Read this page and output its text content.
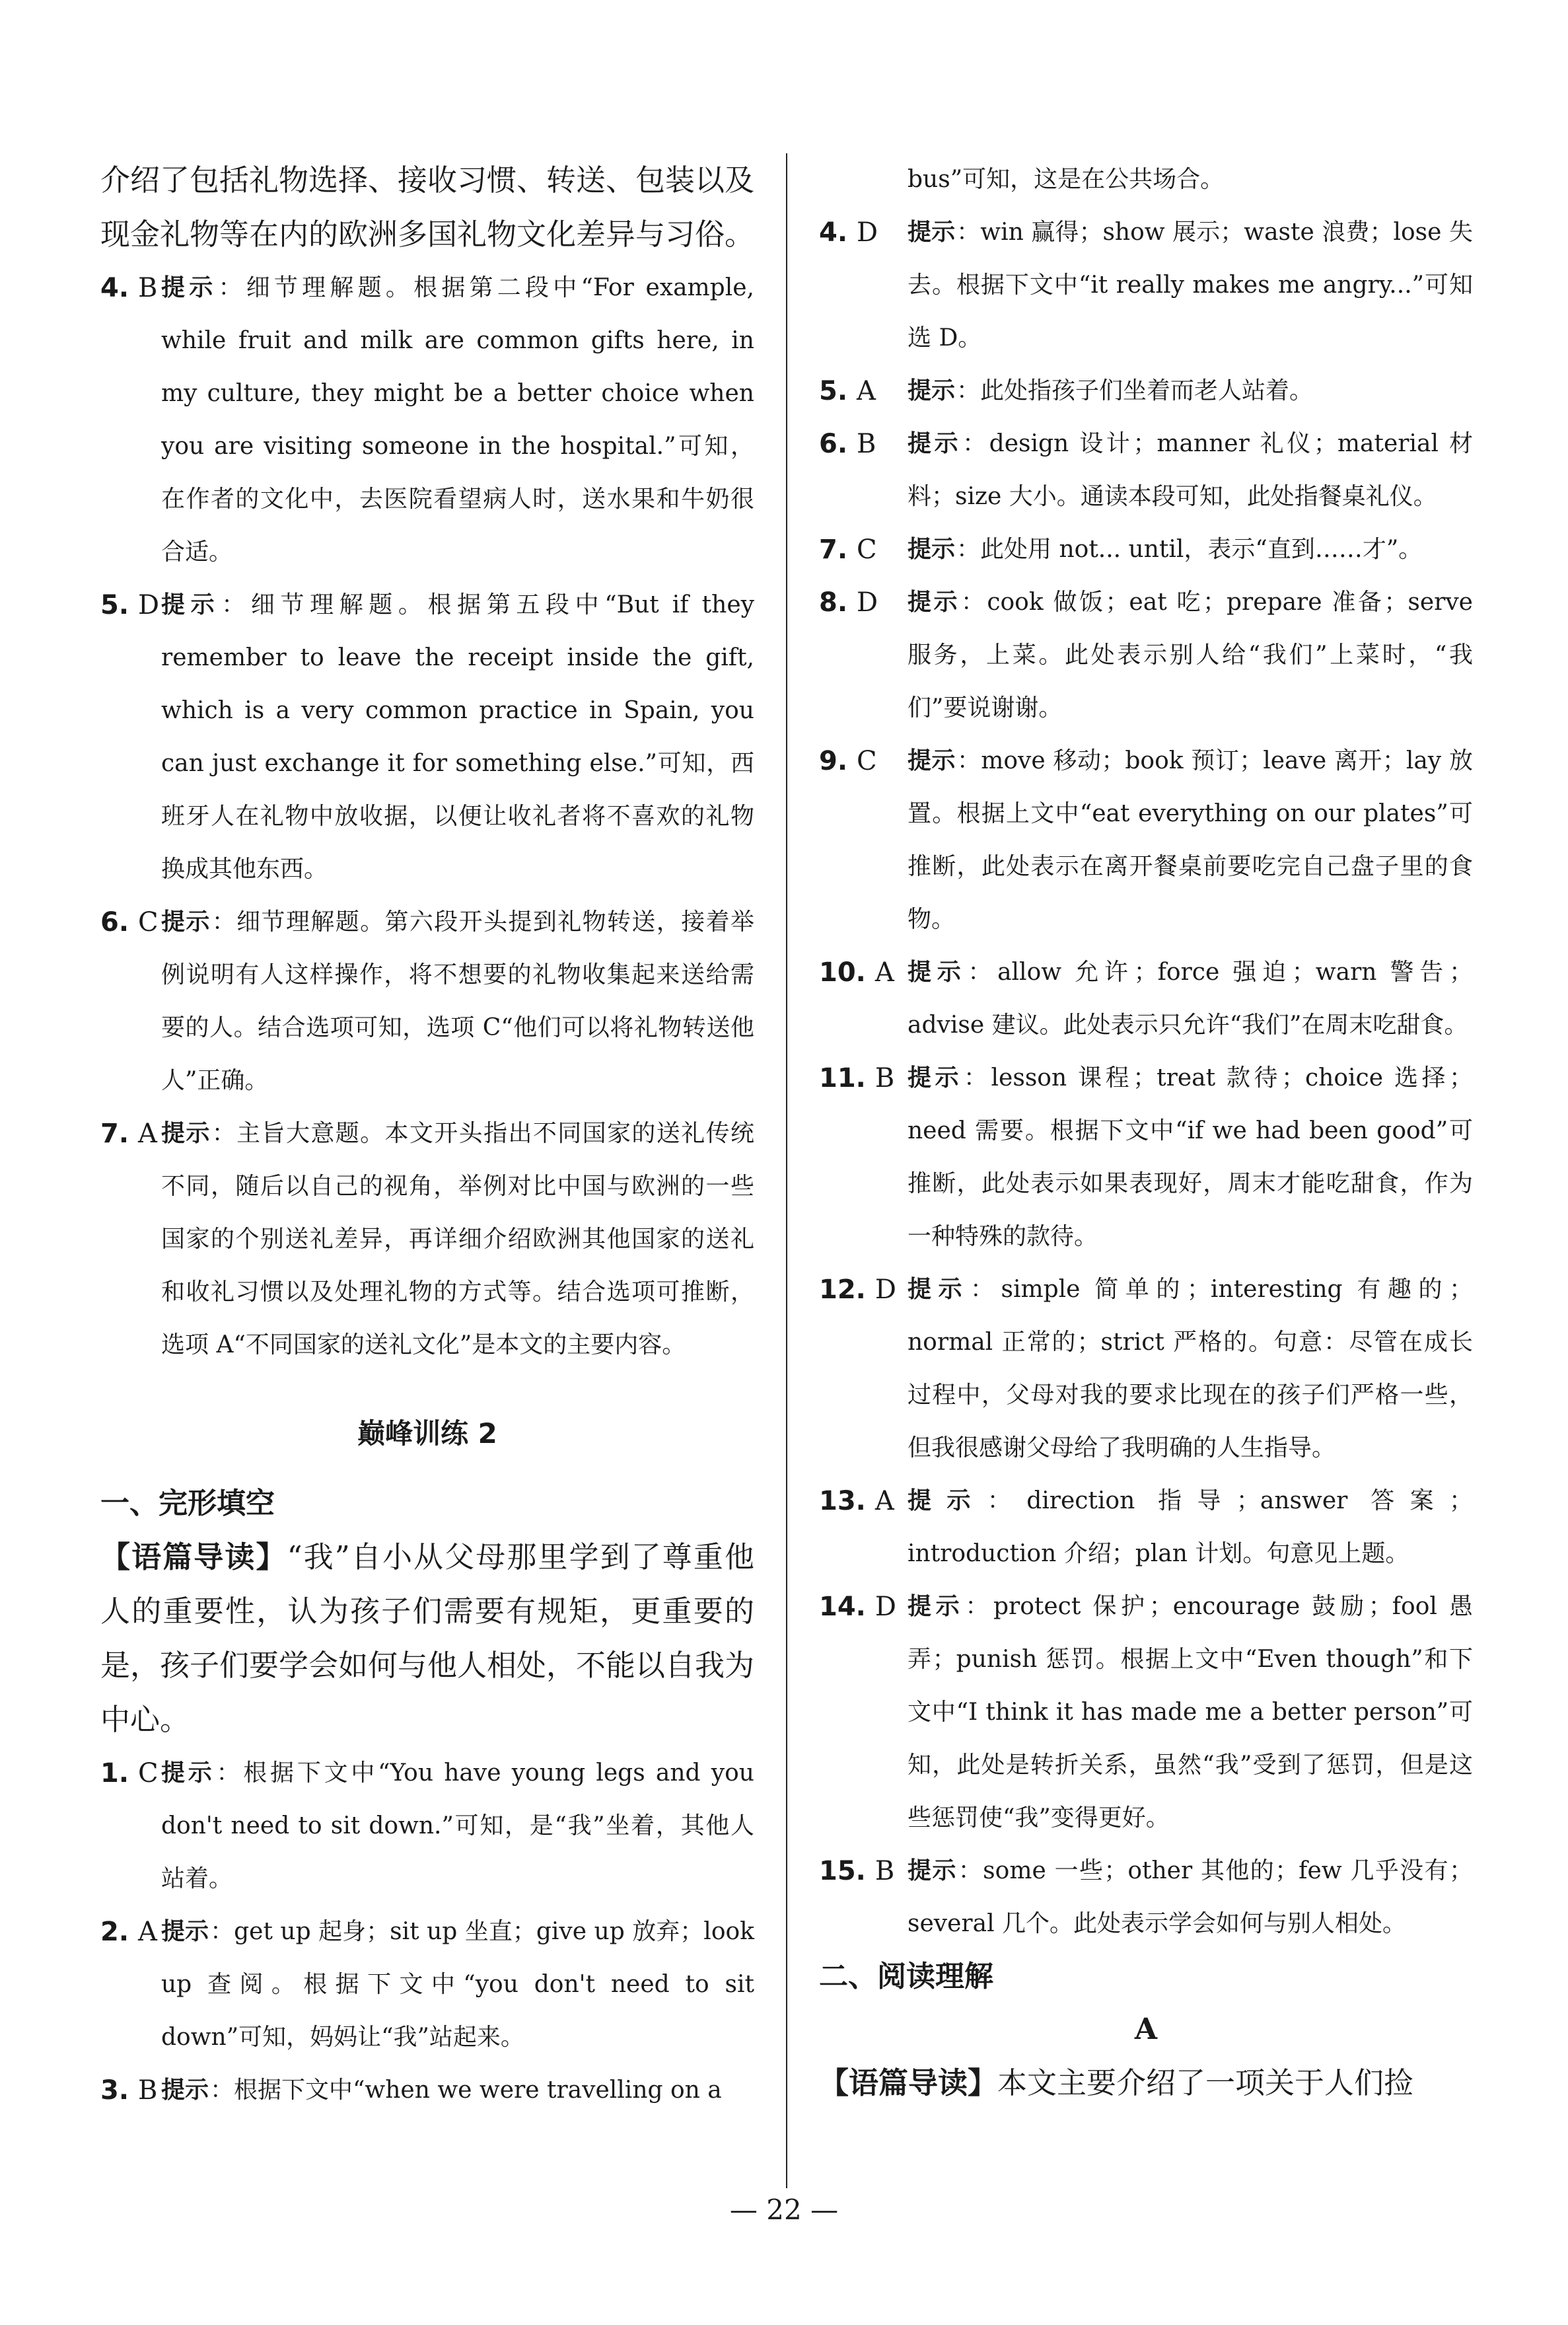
介绍了包括礼物选择、接收习惯、转送、包装以及现金礼物等在内的欧洲多国礼物文化差异与习俗。

4. B 提示：细节理解题。根据第二段中“For example, while fruit and milk are common gifts here, in my culture, they might be a better choice when you are visiting someone in the hospital.”可知，在作者的文化中，去医院看望病人时，送水果和牛奶很合适。
5. D 提示：细节理解题。根据第五段中“But if they remember to leave the receipt inside the gift, which is a very common practice in Spain, you can just exchange it for something else.”可知，西班牙人在礼物中放收据，以便让收礼者将不喜欢的礼物换成其他东西。
6. C 提示：细节理解题。第六段开头提到礼物转送，接着举例说明有人这样操作，将不想要的礼物收集起来送给需要的人。结合选项可知，选项 C“他们可以将礼物转送他人”正确。
7. A 提示：主旨大意题。本文开头指出不同国家的送礼传统不同，随后以自己的视角，举例对比中国与欧洲的一些国家的个别送礼差异，再详细介绍欧洲其他国家的送礼和收礼习惯以及处理礼物的方式等。结合选项可推断，选项 A“不同国家的送礼文化”是本文的主要内容。
巅峰训练 2

一、完形填空

【语篇导读】“我”自小从父母那里学到了尊重他人的重要性，认为孩子们需要有规矩，更重要的是，孩子们要学会如何与他人相处，不能以自我为中心。

1. C 提示：根据下文中“You have young legs and you don't need to sit down.”可知，是“我”坐着，其他人站着。
2. A 提示：get up 起身；sit up 坐直；give up 放弃；look up 查阅。根据下文中“you don't need to sit down”可知，妈妈让“我”站起来。
3. B 提示：根据下文中“when we were travelling on a

bus”可知，这是在公共场合。

4. D	提示：win 赢得；show 展示；waste 浪费；lose 失去。根据下文中“it really makes me angry...”可知选 D。
5. A	提示：此处指孩子们坐着而老人站着。
6. B	提示：design 设计；manner 礼仪；material 材料；size 大小。通读本段可知，此处指餐桌礼仪。
7. C	提示：此处用 not... until，表示“直到……才”。
8. D	提示：cook 做饭；eat 吃；prepare 准备；serve 服务，上菜。此处表示别人给“我们”上菜时，“我们”要说谢谢。
9. C	提示：move 移动；book 预订；leave 离开；lay 放置。根据上文中“eat everything on our plates”可推断，此处表示在离开餐桌前要吃完自己盘子里的食物。
10. A 提示：allow 允许；force 强迫；warn 警告；advise 建议。此处表示只允许“我们”在周末吃甜食。
11. B 提示：lesson 课程；treat 款待；choice 选择；need 需要。根据下文中“if we had been good”可推断，此处表示如果表现好，周末才能吃甜食，作为一种特殊的款待。
12. D 提示：simple 简单的；interesting 有趣的；normal 正常的；strict 严格的。句意：尽管在成长过程中，父母对我的要求比现在的孩子们严格一些，但我很感谢父母给了我明确的人生指导。
13. A 提示：direction 指导；answer 答案；introduction 介绍；plan 计划。句意见上题。
14. D 提示：protect 保护；encourage 鼓励；fool 愚弄；punish 惩罚。根据上文中“Even though”和下文中“I think it has made me a better person”可知，此处是转折关系，虽然“我”受到了惩罚，但是这些惩罚使“我”变得更好。
15. B 提示：some 一些；other 其他的；few 几乎没有；several 几个。此处表示学会如何与别人相处。

二、阅读理解

A

【语篇导读】本文主要介绍了一项关于人们捡

— 22 —
